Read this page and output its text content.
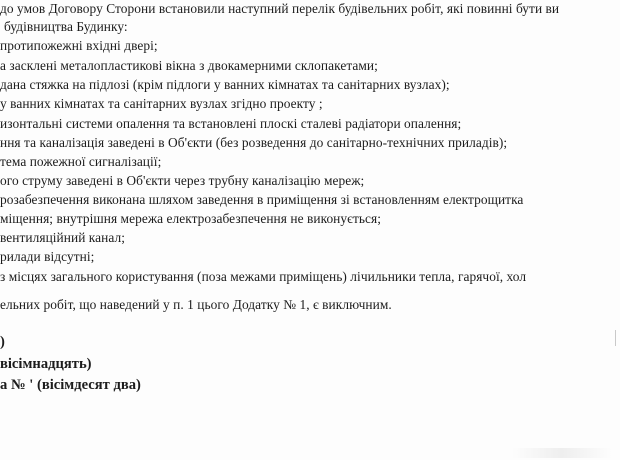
до умов Договору Сторони встановили наступний перелік будівельних робіт, які повинні бути ви
будівництва Будинку:
протипожежні вхідні двері;
а засклені металопластикові вікна з двокамерними склопакетами;
дана стяжка на підлозі (крім підлоги у ванних кімнатах та санітарних вузлах);
у ванних кімнатах та санітарних вузлах згідно проекту ;
изонтальні системи опалення та встановлені плоскі сталеві радіатори опалення;
ння та каналізація заведені в Об'єкти (без розведення до санітарно-технічних приладів);
тема пожежної сигналізації;
ого струму заведені в Об'єкти через трубну каналізацію мереж;
розабезпечення виконана шляхом заведення в приміщення зі встановленням електрощитка
міщення; внутрішня мережа електрозабезпечення не виконується;
вентиляційний канал;
рилади відсутні;
з місцях загального користування (поза межами приміщень) лічильники тепла, гарячої, хол
ельних робіт, що наведений у п. 1 цього Додатку № 1, є виключним.
)
вісімнадцять)
а № ' (вісімдесят два)
